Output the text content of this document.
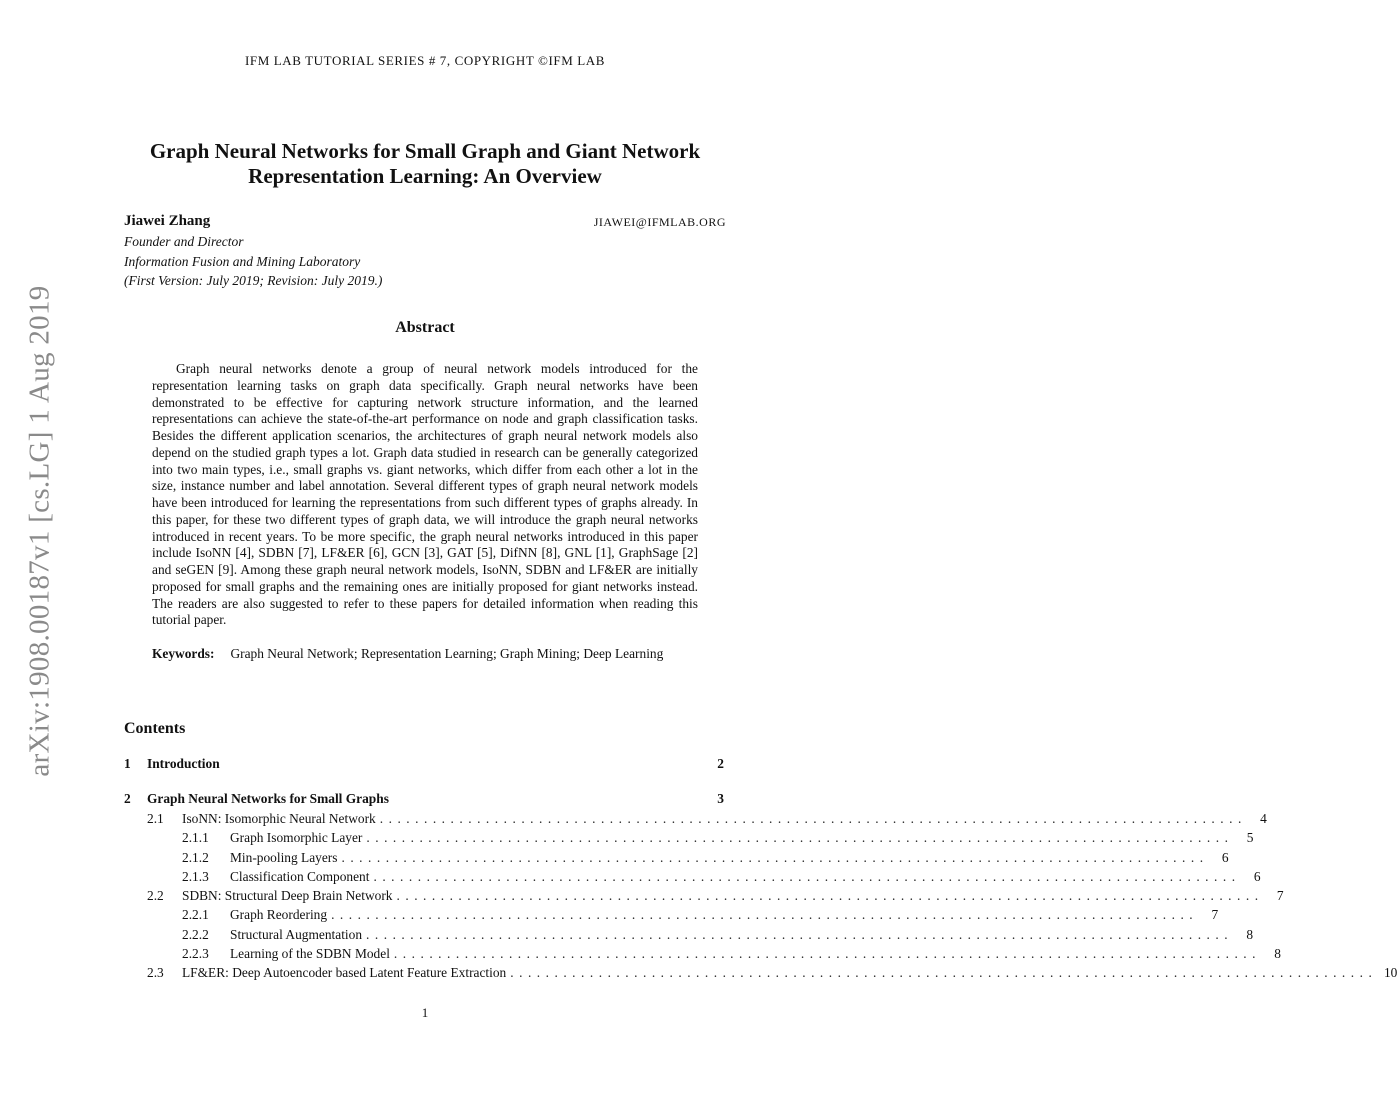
IFM LAB TUTORIAL SERIES # 7, COPYRIGHT ©IFM LAB
arXiv:1908.00187v1 [cs.LG] 1 Aug 2019
Graph Neural Networks for Small Graph and Giant Network
Representation Learning: An Overview
Jiawei Zhang	JIAWEI@IFMLAB.ORG
Founder and Director
Information Fusion and Mining Laboratory
(First Version: July 2019; Revision: July 2019.)
Abstract
Graph neural networks denote a group of neural network models introduced for the representation learning tasks on graph data specifically. Graph neural networks have been demonstrated to be effective for capturing network structure information, and the learned representations can achieve the state-of-the-art performance on node and graph classification tasks. Besides the different application scenarios, the architectures of graph neural network models also depend on the studied graph types a lot. Graph data studied in research can be generally categorized into two main types, i.e., small graphs vs. giant networks, which differ from each other a lot in the size, instance number and label annotation. Several different types of graph neural network models have been introduced for learning the representations from such different types of graphs already. In this paper, for these two different types of graph data, we will introduce the graph neural networks introduced in recent years. To be more specific, the graph neural networks introduced in this paper include IsoNN [4], SDBN [7], LF&ER [6], GCN [3], GAT [5], DifNN [8], GNL [1], GraphSage [2] and seGEN [9]. Among these graph neural network models, IsoNN, SDBN and LF&ER are initially proposed for small graphs and the remaining ones are initially proposed for giant networks instead. The readers are also suggested to refer to these papers for detailed information when reading this tutorial paper.
Keywords: Graph Neural Network; Representation Learning; Graph Mining; Deep Learning
Contents
1	Introduction	2
2	Graph Neural Networks for Small Graphs	3
2.1	IsoNN: Isomorphic Neural Network .................................................................................................. 4
2.1.1	Graph Isomorphic Layer .................................................................................................. 5
2.1.2	Min-pooling Layers .................................................................................................. 6
2.1.3	Classification Component .................................................................................................. 6
2.2	SDBN: Structural Deep Brain Network .................................................................................................. 7
2.2.1	Graph Reordering .................................................................................................. 7
2.2.2	Structural Augmentation .................................................................................................. 8
2.2.3	Learning of the SDBN Model .................................................................................................. 8
2.3	LF&ER: Deep Autoencoder based Latent Feature Extraction .................................................................................................. 10
1
